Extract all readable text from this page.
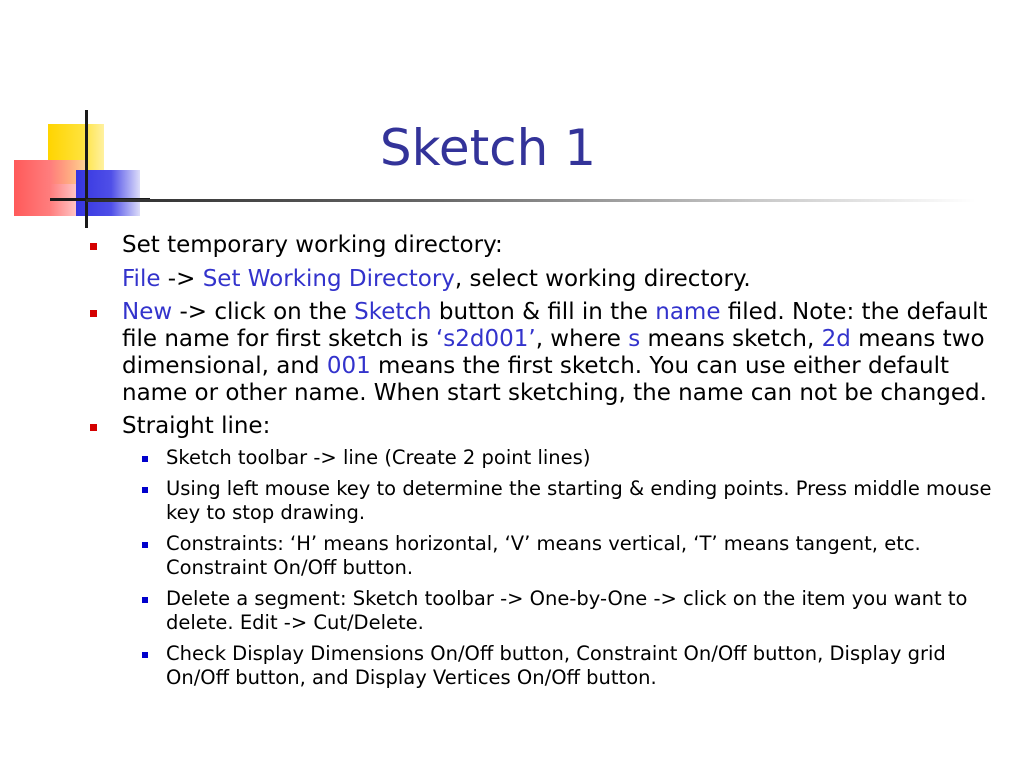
Sketch 1
Set temporary working directory:
File -> Set Working Directory, select working directory.
New -> click on the Sketch button & fill in the name filed. Note: the default file name for first sketch is ‘s2d001’, where s means sketch, 2d means two dimensional, and 001 means the first sketch. You can use either default name or other name. When start sketching, the name can not be changed.
Straight line:
Sketch toolbar -> line (Create 2 point lines)
Using left mouse key to determine the starting & ending points. Press middle mouse key to stop drawing.
Constraints: ‘H’ means horizontal, ‘V’ means vertical, ‘T’ means tangent, etc. Constraint On/Off button.
Delete a segment: Sketch toolbar -> One-by-One -> click on the item you want to delete. Edit -> Cut/Delete.
Check Display Dimensions On/Off button, Constraint On/Off button, Display grid On/Off button, and Display Vertices On/Off button.
